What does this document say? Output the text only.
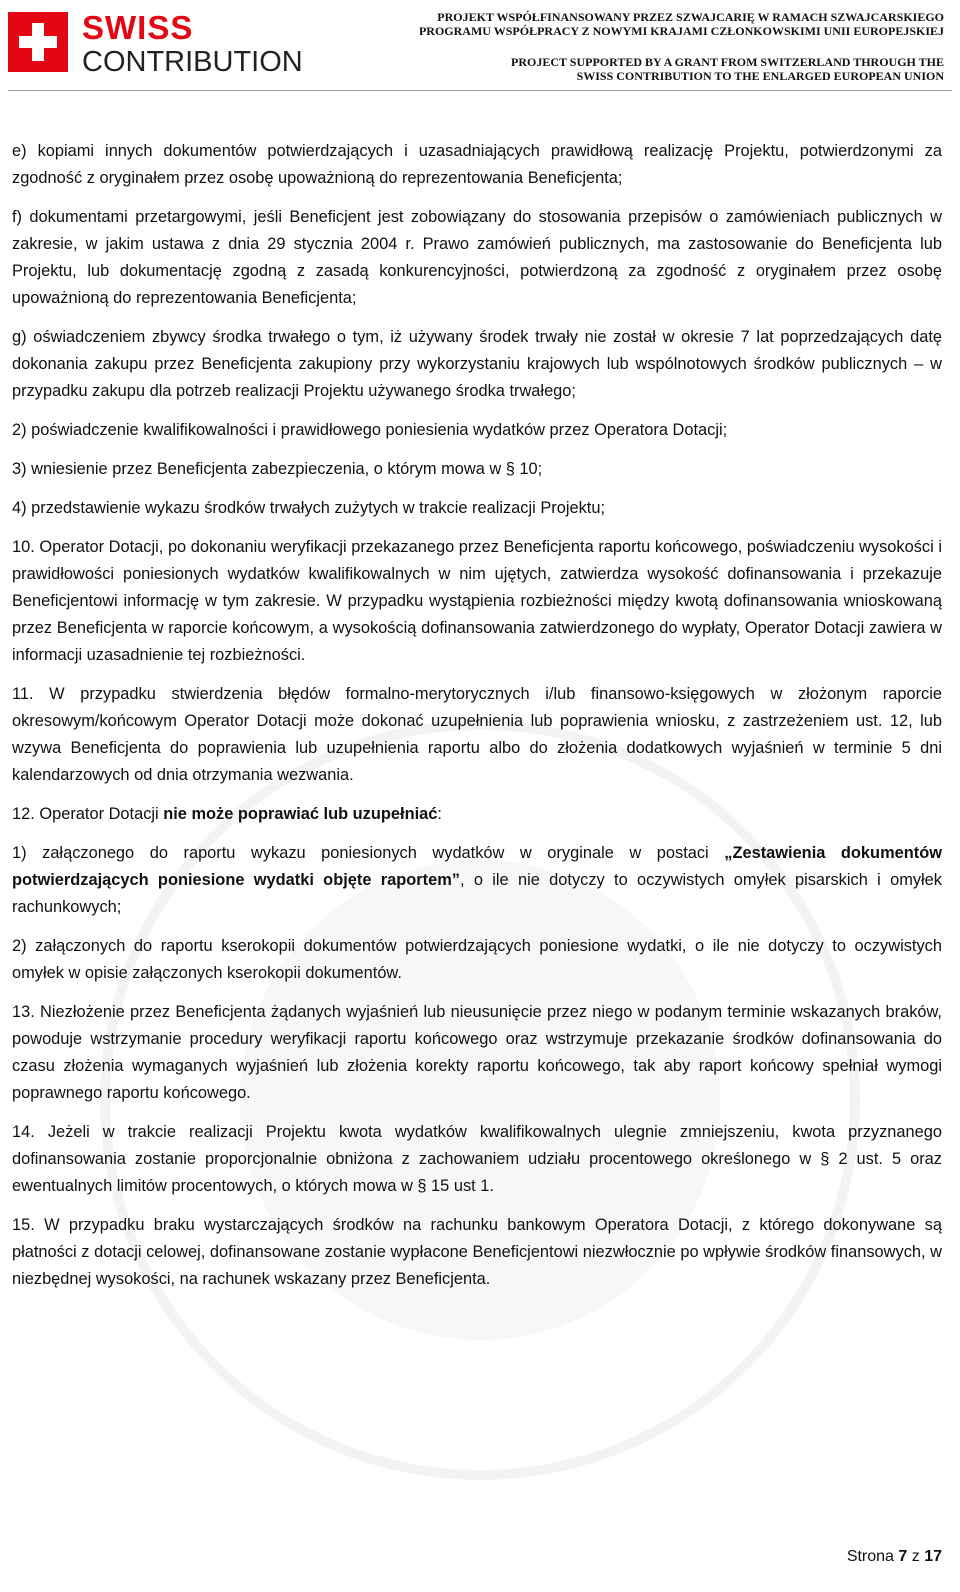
SWISS
CONTRIBUTION
PROJEKT WSPÓŁFINANSOWANY PRZEZ SZWAJCARIĘ W RAMACH SZWAJCARSKIEGO
PROGRAMU WSPÓŁPRACY Z NOWYMI KRAJAMI CZŁONKOWSKIMI UNII EUROPEJSKIEJ
PROJECT SUPPORTED BY A GRANT FROM SWITZERLAND THROUGH THE
SWISS CONTRIBUTION TO THE ENLARGED EUROPEAN UNION

e) kopiami innych dokumentów potwierdzających i uzasadniających prawidłową realizację Projektu, potwierdzonymi za zgodność z oryginałem przez osobę upoważnioną do reprezentowania Beneficjenta;

f) dokumentami przetargowymi, jeśli Beneficjent jest zobowiązany do stosowania przepisów o zamówieniach publicznych w zakresie, w jakim ustawa z dnia 29 stycznia 2004 r. Prawo zamówień publicznych, ma zastosowanie do Beneficjenta lub Projektu, lub dokumentację zgodną z zasadą konkurencyjności, potwierdzoną za zgodność z oryginałem przez osobę upoważnioną do reprezentowania Beneficjenta;

g) oświadczeniem zbywcy środka trwałego o tym, iż używany środek trwały nie został w okresie 7 lat poprzedzających datę dokonania zakupu przez Beneficjenta zakupiony przy wykorzystaniu krajowych lub wspólnotowych środków publicznych – w przypadku zakupu dla potrzeb realizacji Projektu używanego środka trwałego;

2) poświadczenie kwalifikowalności i prawidłowego poniesienia wydatków przez Operatora Dotacji;

3) wniesienie przez Beneficjenta zabezpieczenia, o którym mowa w § 10;

4) przedstawienie wykazu środków trwałych zużytych w trakcie realizacji Projektu;

10. Operator Dotacji, po dokonaniu weryfikacji przekazanego przez Beneficjenta raportu końcowego, poświadczeniu wysokości i prawidłowości poniesionych wydatków kwalifikowalnych w nim ujętych, zatwierdza wysokość dofinansowania i przekazuje Beneficjentowi informację w tym zakresie. W przypadku wystąpienia rozbieżności między kwotą dofinansowania wnioskowaną przez Beneficjenta w raporcie końcowym, a wysokością dofinansowania zatwierdzonego do wypłaty, Operator Dotacji zawiera w informacji uzasadnienie tej rozbieżności.

11. W przypadku stwierdzenia błędów formalno-merytorycznych i/lub finansowo-księgowych w złożonym raporcie okresowym/końcowym Operator Dotacji może dokonać uzupełnienia lub poprawienia wniosku, z zastrzeżeniem ust. 12, lub wzywa Beneficjenta do poprawienia lub uzupełnienia raportu albo do złożenia dodatkowych wyjaśnień w terminie 5 dni kalendarzowych od dnia otrzymania wezwania.

12. Operator Dotacji nie może poprawiać lub uzupełniać:

1) załączonego do raportu wykazu poniesionych wydatków w oryginale w postaci „Zestawienia dokumentów potwierdzających poniesione wydatki objęte raportem”, o ile nie dotyczy to oczywistych omyłek pisarskich i omyłek rachunkowych;

2) załączonych do raportu kserokopii dokumentów potwierdzających poniesione wydatki, o ile nie dotyczy to oczywistych omyłek w opisie załączonych kserokopii dokumentów.

13. Niezłożenie przez Beneficjenta żądanych wyjaśnień lub nieusunięcie przez niego w podanym terminie wskazanych braków, powoduje wstrzymanie procedury weryfikacji raportu końcowego oraz wstrzymuje przekazanie środków dofinansowania do czasu złożenia wymaganych wyjaśnień lub złożenia korekty raportu końcowego, tak aby raport końcowy spełniał wymogi poprawnego raportu końcowego.

14. Jeżeli w trakcie realizacji Projektu kwota wydatków kwalifikowalnych ulegnie zmniejszeniu, kwota przyznanego dofinansowania zostanie proporcjonalnie obniżona z zachowaniem udziału procentowego określonego w § 2 ust. 5 oraz ewentualnych limitów procentowych, o których mowa w § 15 ust 1.

15. W przypadku braku wystarczających środków na rachunku bankowym Operatora Dotacji, z którego dokonywane są płatności z dotacji celowej, dofinansowane zostanie wypłacone Beneficjentowi niezwłocznie po wpływie środków finansowych, w niezbędnej wysokości, na rachunek wskazany przez Beneficjenta.

Strona 7 z 17
